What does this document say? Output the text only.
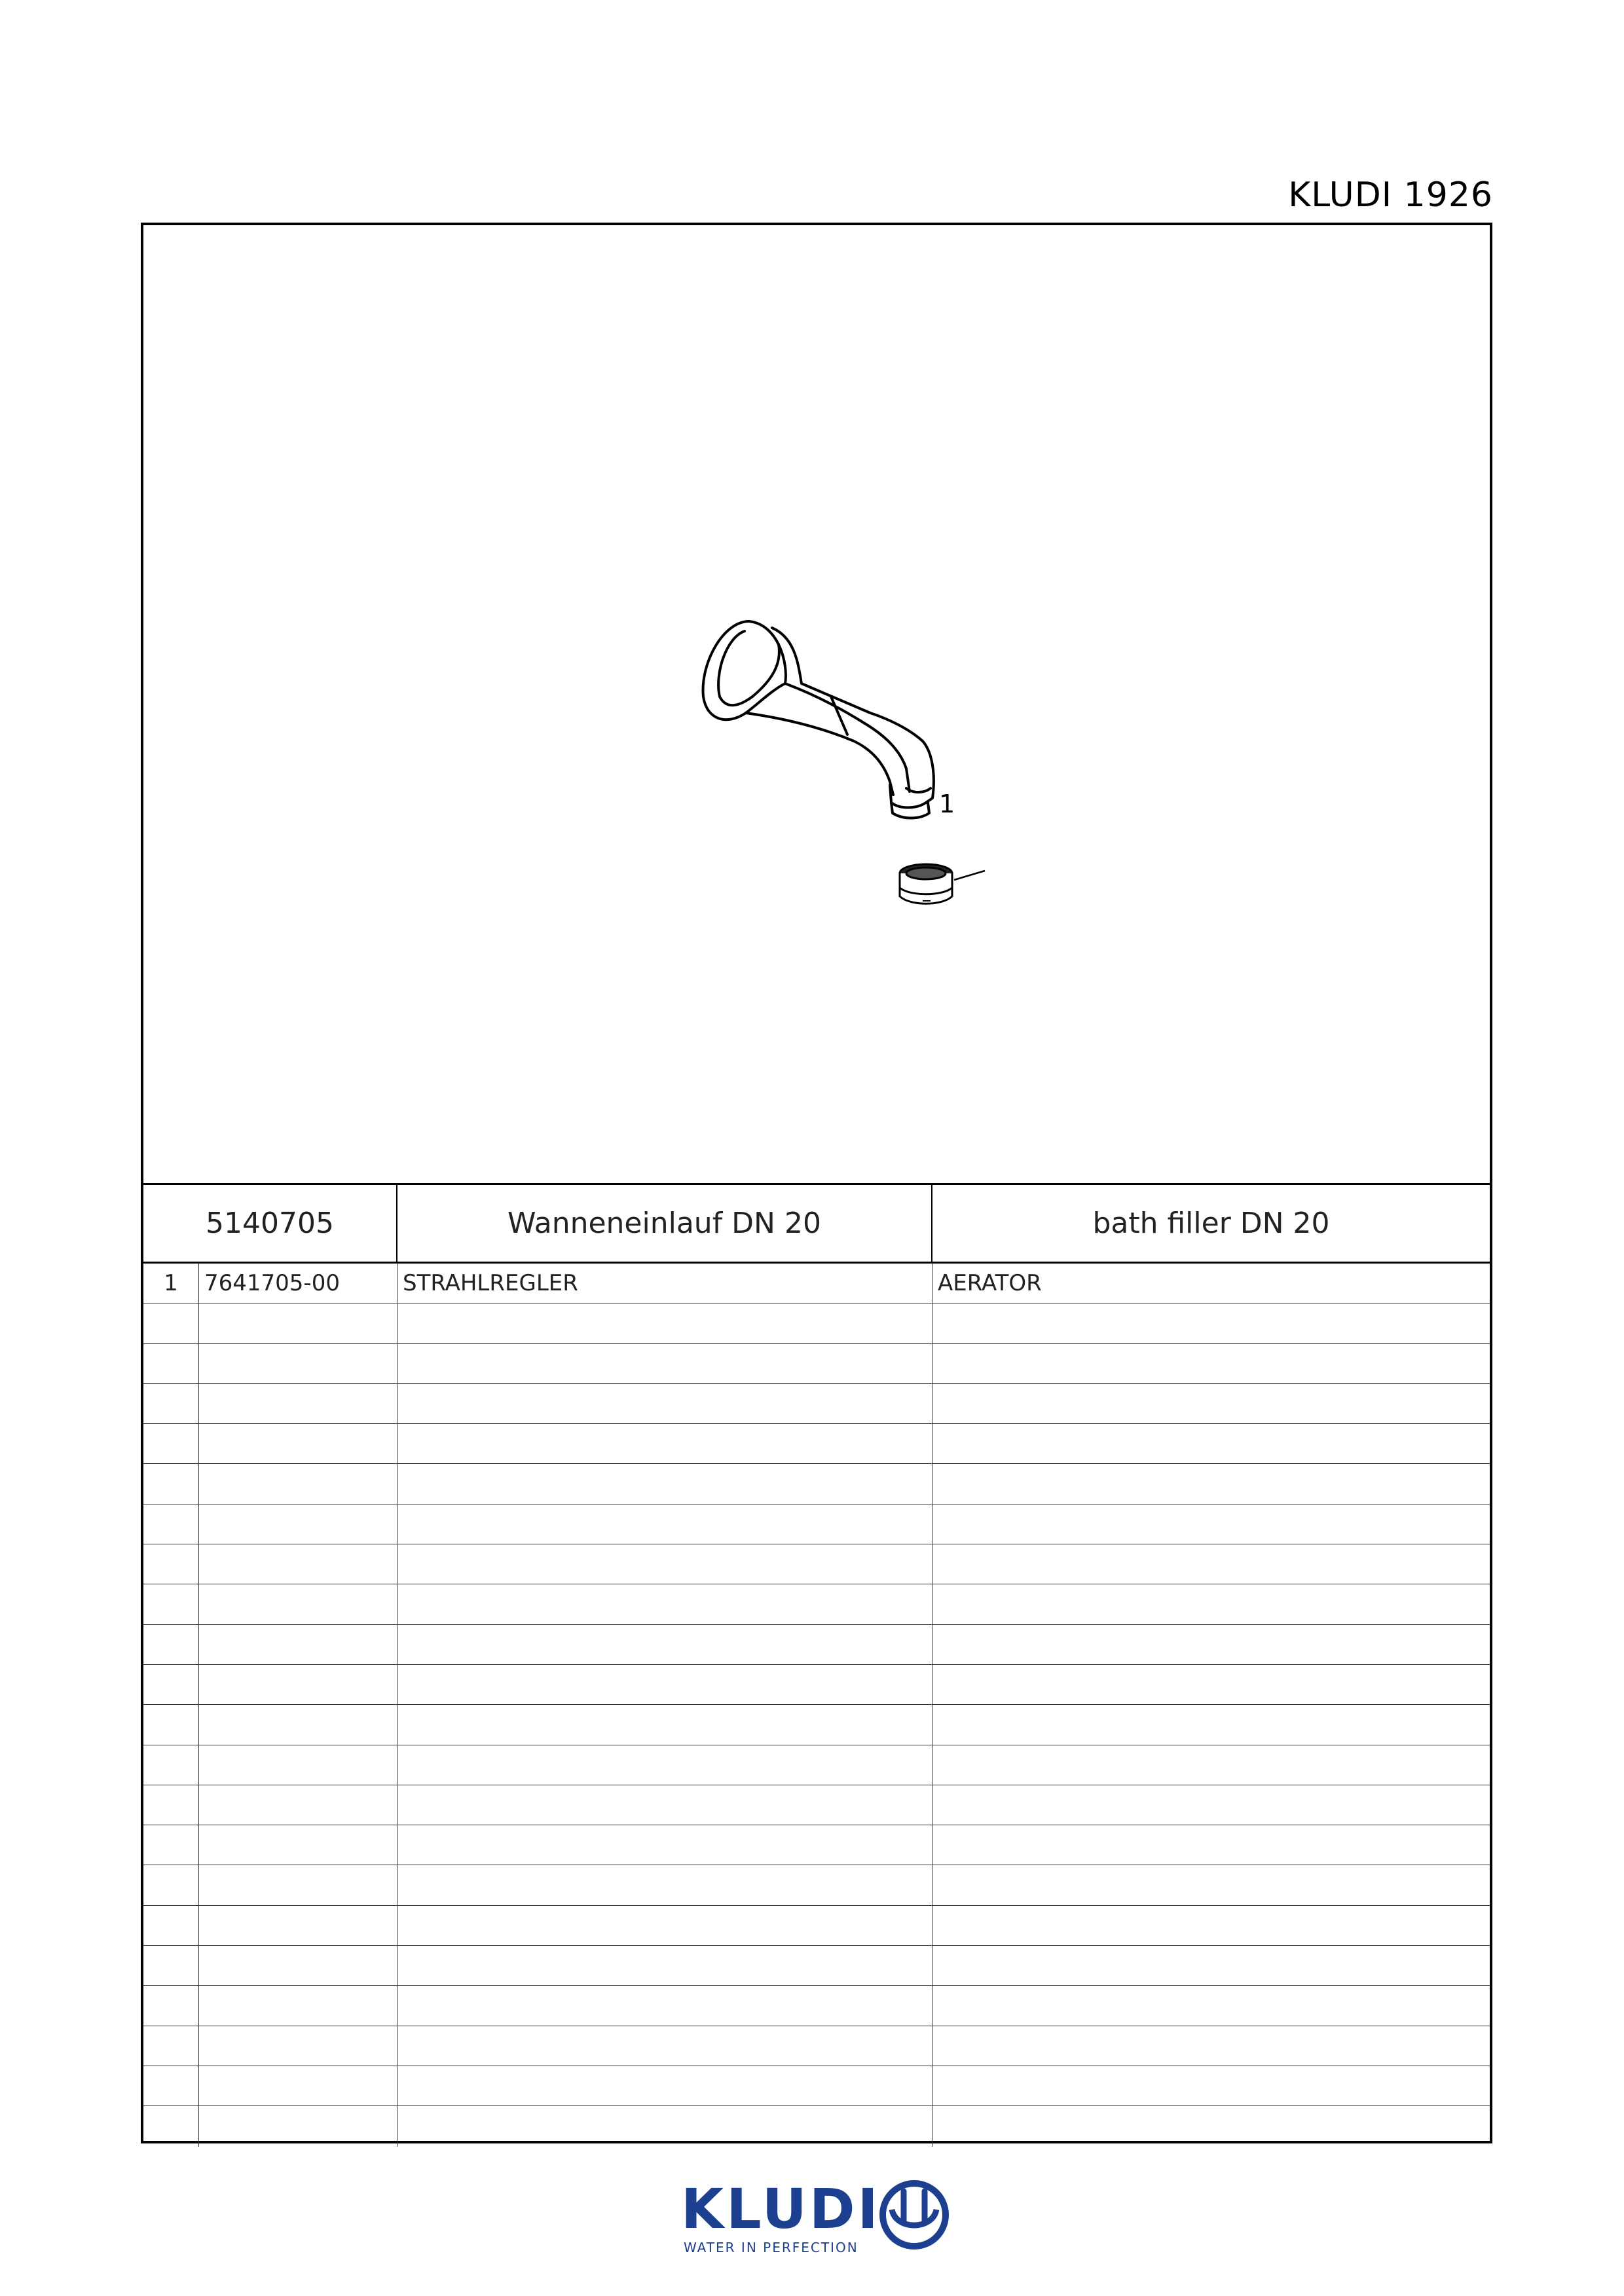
KLUDI 1926
1
5140705	Wanneneinlauf DN 20	bath filler DN 20
1	7641705-00	STRAHLREGLER	AERATOR
KLUDI
WATER IN PERFECTION
